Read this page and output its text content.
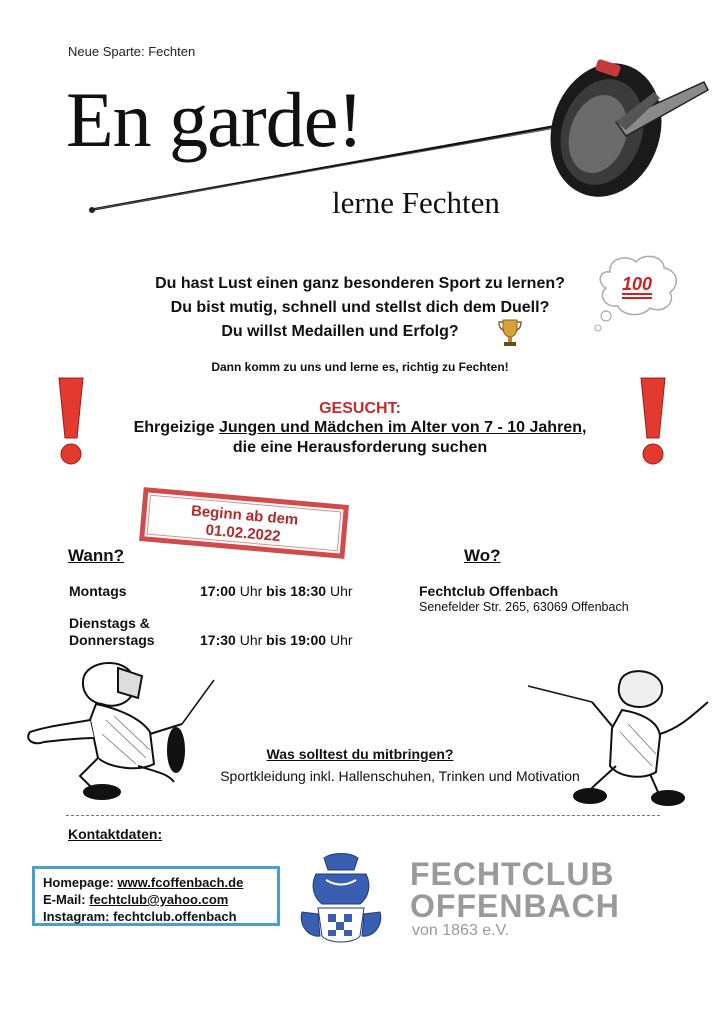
Neue Sparte: Fechten
En garde!
lerne Fechten
100
Du hast Lust einen ganz besonderen Sport zu lernen?
Du bist mutig, schnell und stellst dich dem Duell?
Du willst Medaillen und Erfolg?
Dann komm zu uns und lerne es, richtig zu Fechten!
GESUCHT:
Ehrgeizige Jungen und Mädchen im Alter von 7 - 10 Jahren,
die eine Herausforderung suchen
Beginn ab dem
01.02.2022
Wann?	Wo?
Montags	17:00 Uhr bis 18:30 Uhr
Dienstags &
Donnerstags	17:30 Uhr bis 19:00 Uhr
Fechtclub Offenbach
Senefelder Str. 265, 63069 Offenbach
Was solltest du mitbringen?
Sportkleidung inkl. Hallenschuhen, Trinken und Motivation
Kontaktdaten:
Homepage: www.fcoffenbach.de
E-Mail: fechtclub@yahoo.com
Instagram: fechtclub.offenbach
FECHTCLUB
OFFENBACH
von 1863 e.V.
